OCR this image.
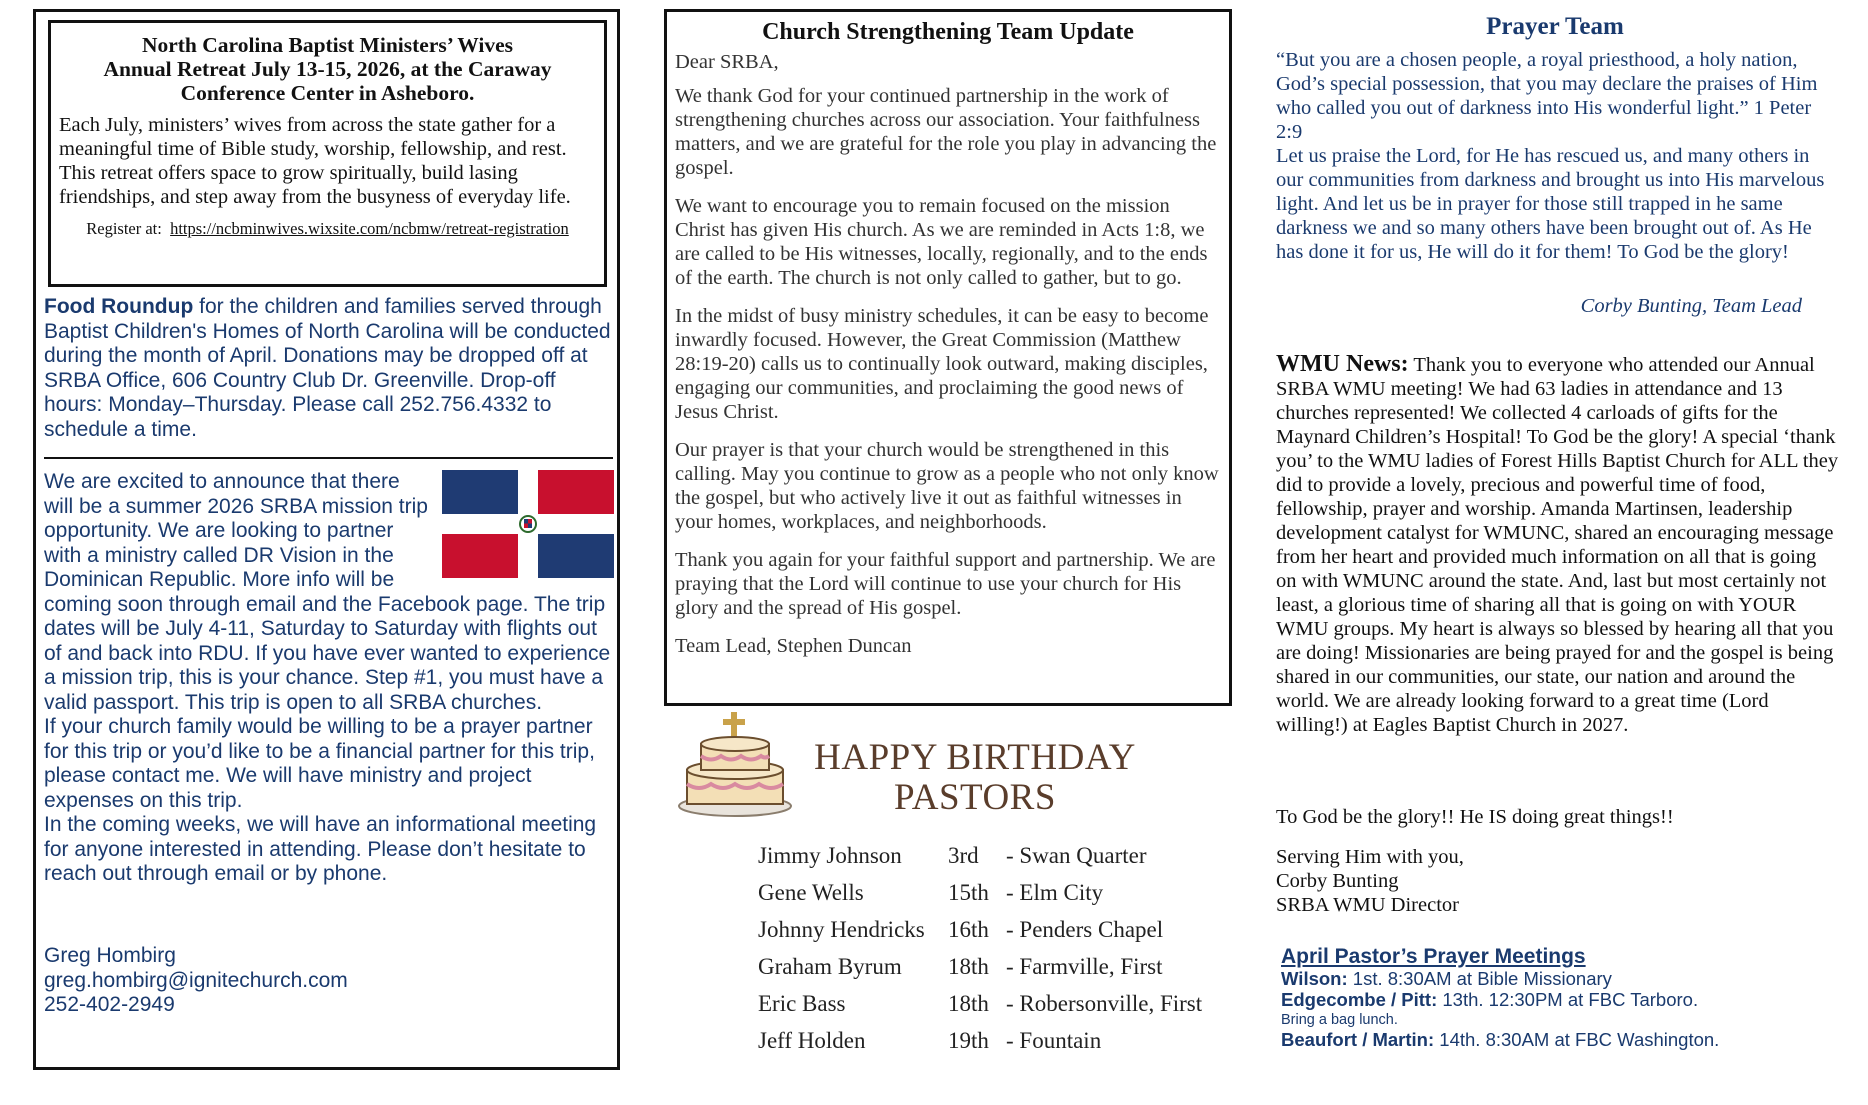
North Carolina Baptist Ministers’ Wives
Annual Retreat July 13-15, 2026, at the Caraway
Conference Center in Asheboro.
Each July, ministers’ wives from across the state gather for a meaningful time of Bible study, worship, fellowship, and rest. This retreat offers space to grow spiritually, build lasing friendships, and step away from the busyness of everyday life.
Register at: https://ncbminwives.wixsite.com/ncbmw/retreat-registration
Food Roundup for the children and families served through Baptist Children's Homes of North Carolina will be conducted during the month of April. Donations may be dropped off at SRBA Office, 606 Country Club Dr. Greenville. Drop-off hours: Monday–Thursday. Please call 252.756.4332 to schedule a time.
We are excited to announce that there will be a summer 2026 SRBA mission trip opportunity. We are looking to partner with a ministry called DR Vision in the Dominican Republic. More info will be coming soon through email and the Facebook page. The trip dates will be July 4-11, Saturday to Saturday with flights out of and back into RDU. If you have ever wanted to experience a mission trip, this is your chance. Step #1, you must have a valid passport. This trip is open to all SRBA churches.
If your church family would be willing to be a prayer partner for this trip or you’d like to be a financial partner for this trip, please contact me. We will have ministry and project expenses on this trip.
In the coming weeks, we will have an informational meeting for anyone interested in attending. Please don’t hesitate to reach out through email or by phone.
Greg Hombirg
greg.hombirg@ignitechurch.com
252-402-2949
Church Strengthening Team Update

Dear SRBA,

We thank God for your continued partnership in the work of strengthening churches across our association. Your faithfulness matters, and we are grateful for the role you play in advancing the gospel.

We want to encourage you to remain focused on the mission Christ has given His church. As we are reminded in Acts 1:8, we are called to be His witnesses, locally, regionally, and to the ends of the earth. The church is not only called to gather, but to go.

In the midst of busy ministry schedules, it can be easy to become inwardly focused. However, the Great Commission (Matthew 28:19-20) calls us to continually look outward, making disciples, engaging our communities, and proclaiming the good news of Jesus Christ.

Our prayer is that your church would be strengthened in this calling. May you continue to grow as a people who not only know the gospel, but who actively live it out as faithful witnesses in your homes, workplaces, and neighborhoods.

Thank you again for your faithful support and partnership. We are praying that the Lord will continue to use your church for His glory and the spread of His gospel.

Team Lead, Stephen Duncan

HAPPY BIRTHDAY
PASTORS
Jimmy Johnson	3rd	- Swan Quarter
Gene Wells	15th	- Elm City
Johnny Hendricks	16th	- Penders Chapel
Graham Byrum	18th	- Farmville, First
Eric Bass	18th	- Robersonville, First
Jeff Holden	19th	- Fountain
Prayer Team
“But you are a chosen people, a royal priesthood, a holy nation, God’s special possession, that you may declare the praises of Him who called you out of darkness into His wonderful light.” 1 Peter 2:9
Let us praise the Lord, for He has rescued us, and many others in our communities from darkness and brought us into His marvelous light. And let us be in prayer for those still trapped in he same darkness we and so many others have been brought out of. As He has done it for us, He will do it for them! To God be the glory!
Corby Bunting, Team Lead
WMU News: Thank you to everyone who attended our Annual SRBA WMU meeting! We had 63 ladies in attendance and 13 churches represented! We collected 4 carloads of gifts for the Maynard Children’s Hospital! To God be the glory! A special ‘thank you’ to the WMU ladies of Forest Hills Baptist Church for ALL they did to provide a lovely, precious and powerful time of food, fellowship, prayer and worship. Amanda Martinsen, leadership development catalyst for WMUNC, shared an encouraging message from her heart and provided much information on all that is going on with WMUNC around the state. And, last but most certainly not least, a glorious time of sharing all that is going on with YOUR WMU groups. My heart is always so blessed by hearing all that you are doing! Missionaries are being prayed for and the gospel is being shared in our communities, our state, our nation and around the world. We are already looking forward to a great time (Lord willing!) at Eagles Baptist Church in 2027.
To God be the glory!! He IS doing great things!!
Serving Him with you,
Corby Bunting
SRBA WMU Director
April Pastor’s Prayer Meetings
Wilson: 1st. 8:30AM at Bible Missionary
Edgecombe / Pitt: 13th. 12:30PM at FBC Tarboro.
Bring a bag lunch.
Beaufort / Martin: 14th. 8:30AM at FBC Washington.
